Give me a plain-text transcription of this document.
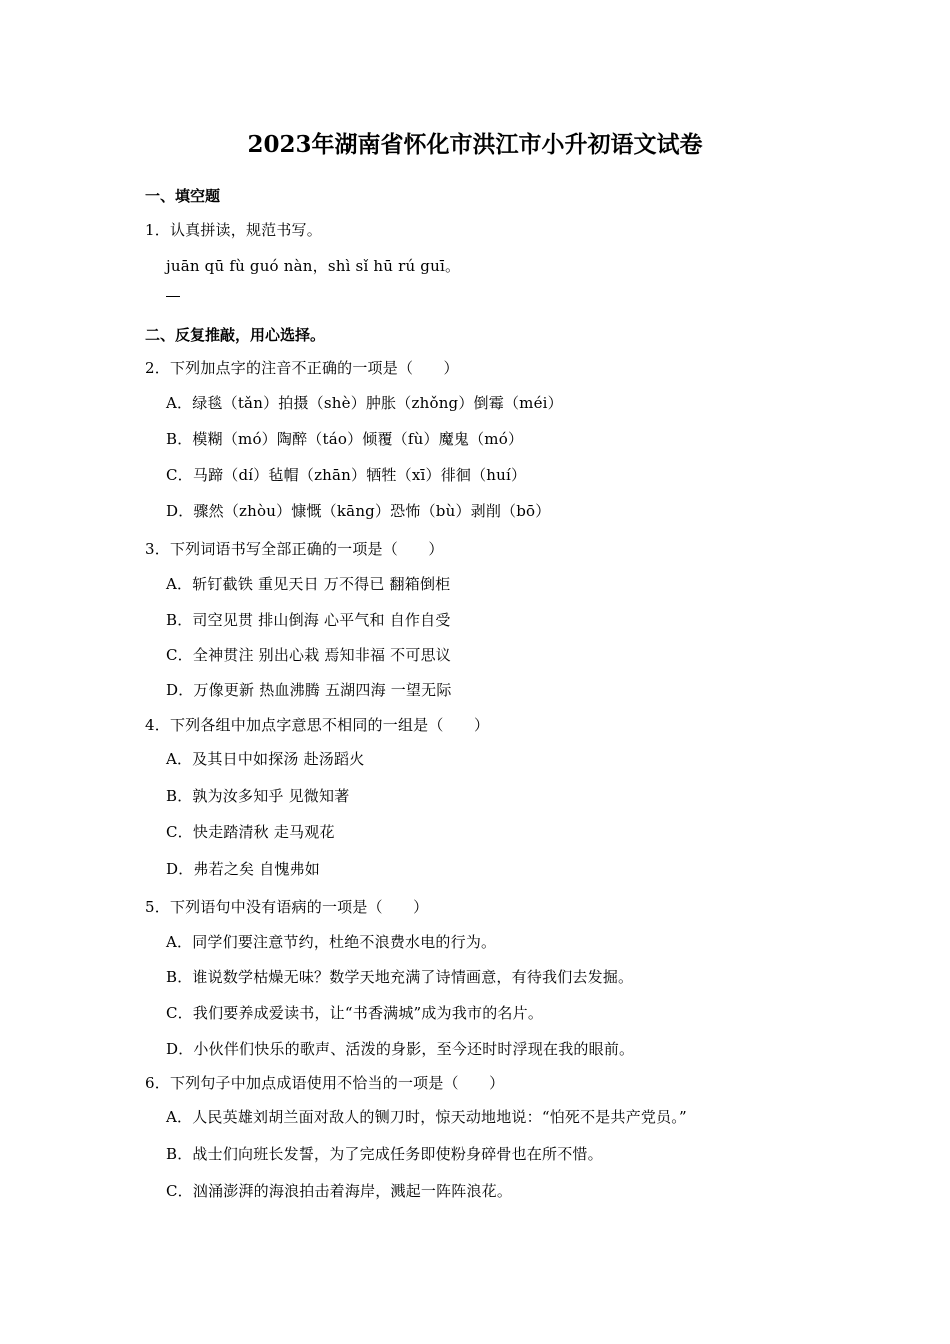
2023年湖南省怀化市洪江市小升初语文试卷
一、填空题
1．认真拼读，规范书写。
juān qū fù guó nàn，shì sǐ hū rú guī。
二、反复推敲，用心选择。
2．下列加点字的注音不正确的一项是（　　）
A．绿毯（tǎn）拍摄（shè）肿胀（zhǒng）倒霉（méi）
B．模糊（mó）陶醉（táo）倾覆（fù）魔鬼（mó）
C．马蹄（dí）毡帽（zhān）牺牲（xī）徘徊（huí）
D．骤然（zhòu）慷慨（kāng）恐怖（bù）剥削（bō）
3．下列词语书写全部正确的一项是（　　）
A．斩钉截铁 重见天日 万不得已 翻箱倒柜
B．司空见贯 排山倒海 心平气和 自作自受
C．全神贯注 别出心栽 焉知非福 不可思议
D．万像更新 热血沸腾 五湖四海 一望无际
4．下列各组中加点字意思不相同的一组是（　　）
A．及其日中如探汤 赴汤蹈火
B．孰为汝多知乎 见微知著
C．快走踏清秋 走马观花
D．弗若之矣 自愧弗如
5．下列语句中没有语病的一项是（　　）
A．同学们要注意节约，杜绝不浪费水电的行为。
B．谁说数学枯燥无味？数学天地充满了诗情画意，有待我们去发掘。
C．我们要养成爱读书，让“书香满城”成为我市的名片。
D．小伙伴们快乐的歌声、活泼的身影，至今还时时浮现在我的眼前。
6．下列句子中加点成语使用不恰当的一项是（　　）
A．人民英雄刘胡兰面对敌人的铡刀时，惊天动地地说：“怕死不是共产党员。”
B．战士们向班长发誓，为了完成任务即使粉身碎骨也在所不惜。
C．汹涌澎湃的海浪拍击着海岸，溅起一阵阵浪花。
